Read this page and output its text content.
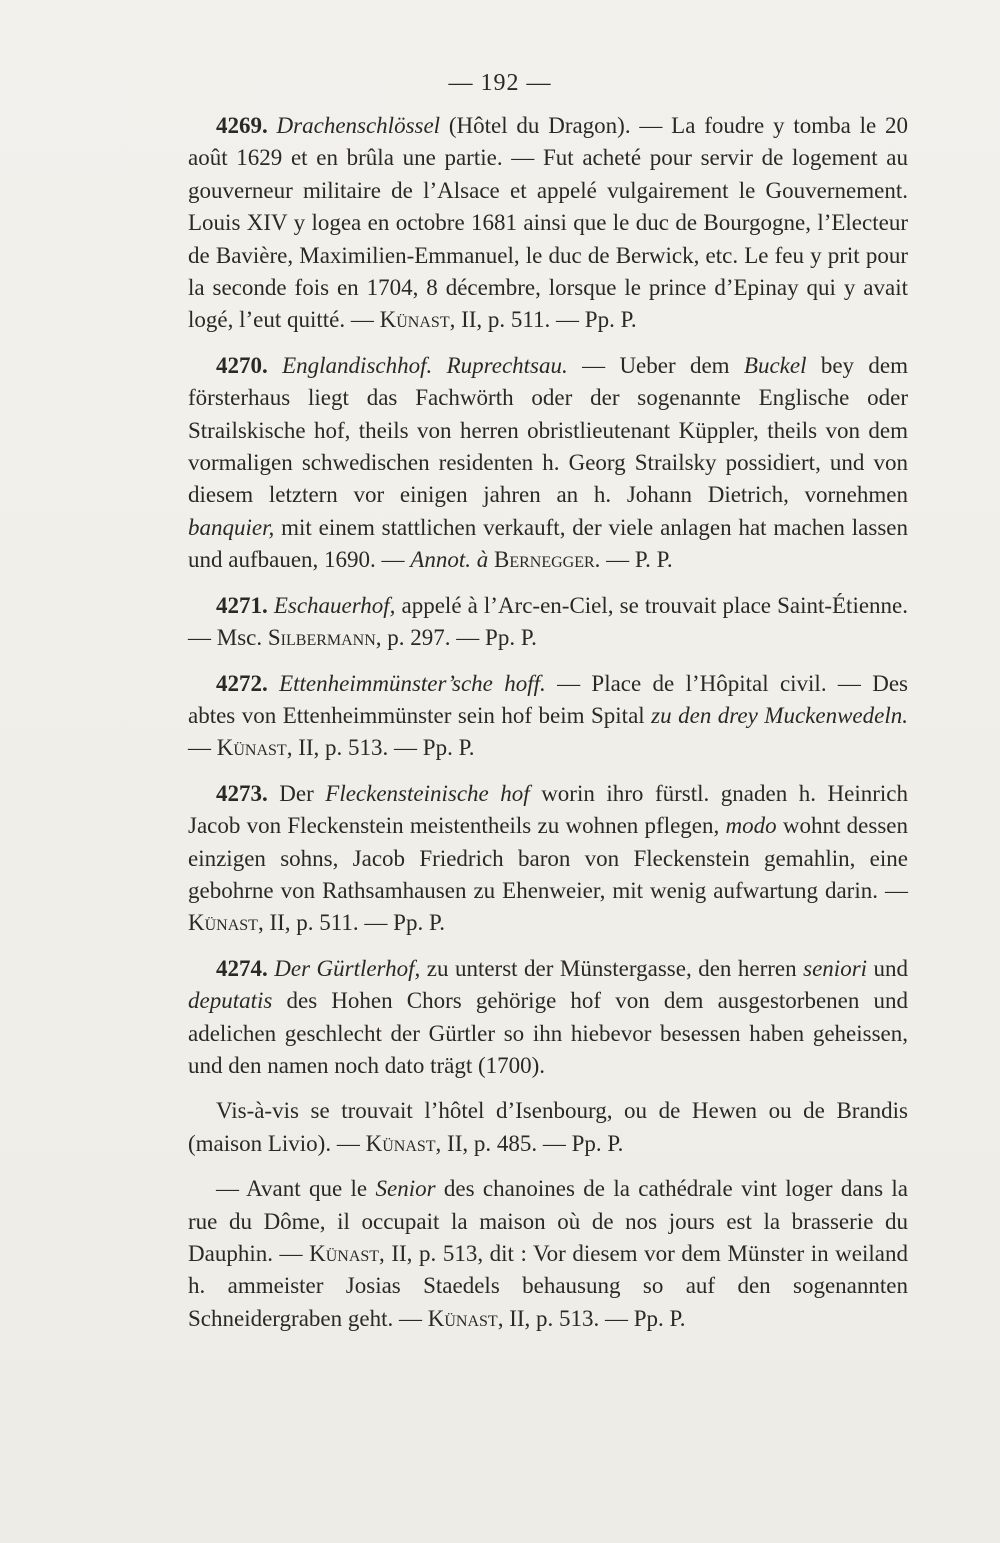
— 192 —

4269. Drachenschlössel (Hôtel du Dragon). — La foudre y tomba le 20 août 1629 et en brûla une partie. — Fut acheté pour servir de logement au gouverneur militaire de l’Alsace et appelé vulgairement le Gouvernement. Louis XIV y logea en octobre 1681 ainsi que le duc de Bourgogne, l’Electeur de Bavière, Maximilien-Emmanuel, le duc de Berwick, etc. Le feu y prit pour la seconde fois en 1704, 8 décembre, lorsque le prince d’Epinay qui y avait logé, l’eut quitté. — Künast, II, p. 511. — Pp. P.

4270. Englandischhof. Ruprechtsau. — Ueber dem Buckel bey dem försterhaus liegt das Fachwörth oder der sogenannte Englische oder Strailskische hof, theils von herren obristlieutenant Küppler, theils von dem vormaligen schwedischen residenten h. Georg Strailsky possidiert, und von diesem letztern vor einigen jahren an h. Johann Dietrich, vornehmen banquier, mit einem stattlichen verkauft, der viele anlagen hat machen lassen und aufbauen, 1690. — Annot. à Bernegger. — P. P.

4271. Eschauerhof, appelé à l’Arc-en-Ciel, se trouvait place Saint-Étienne. — Msc. Silbermann, p. 297. — Pp. P.

4272. Ettenheimmünster’sche hoff. — Place de l’Hôpital civil. — Des abtes von Ettenheimmünster sein hof beim Spital zu den drey Muckenwedeln. — Künast, II, p. 513. — Pp. P.

4273. Der Fleckensteinische hof worin ihro fürstl. gnaden h. Heinrich Jacob von Fleckenstein meistentheils zu wohnen pflegen, modo wohnt dessen einzigen sohns, Jacob Friedrich baron von Fleckenstein gemahlin, eine gebohrne von Rathsamhausen zu Ehenweier, mit wenig aufwartung darin. — Künast, II, p. 511. — Pp. P.

4274. Der Gürtlerhof, zu unterst der Münstergasse, den herren seniori und deputatis des Hohen Chors gehörige hof von dem ausgestorbenen und adelichen geschlecht der Gürtler so ihn hiebevor besessen haben geheissen, und den namen noch dato trägt (1700).

Vis-à-vis se trouvait l’hôtel d’Isenbourg, ou de Hewen ou de Brandis (maison Livio). — Künast, II, p. 485. — Pp. P.

— Avant que le Senior des chanoines de la cathédrale vint loger dans la rue du Dôme, il occupait la maison où de nos jours est la brasserie du Dauphin. — Künast, II, p. 513, dit : Vor diesem vor dem Münster in weiland h. ammeister Josias Staedels behausung so auf den sogenannten Schneidergraben geht. — Künast, II, p. 513. — Pp. P.
